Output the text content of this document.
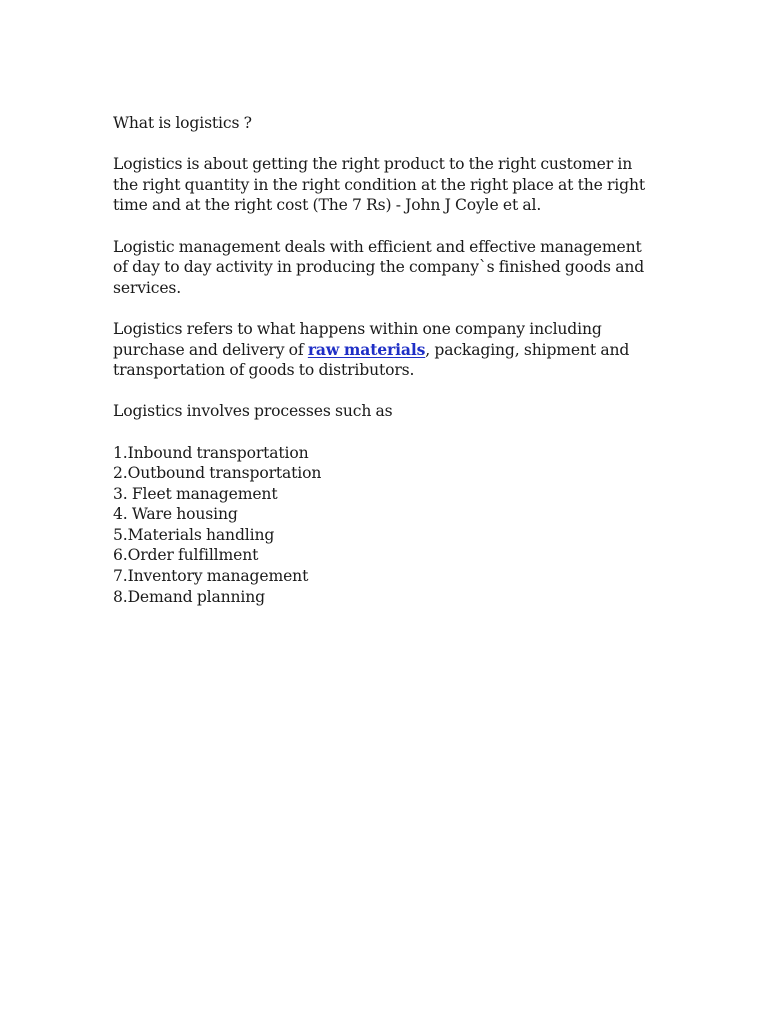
What is logistics ?

Logistics is about getting the right product to the right customer in the right quantity in the right condition at the right place at the right time and at the right cost (The 7 Rs) - John J Coyle et al.

Logistic management deals with efficient and effective management of day to day activity in producing the company`s finished goods and services.

Logistics refers to what happens within one company including purchase and delivery of raw materials, packaging, shipment and transportation of goods to distributors.

Logistics involves processes such as

1.Inbound transportation
2.Outbound transportation
3. Fleet management
4. Ware housing
5.Materials handling
6.Order fulfillment
7.Inventory management
8.Demand planning
